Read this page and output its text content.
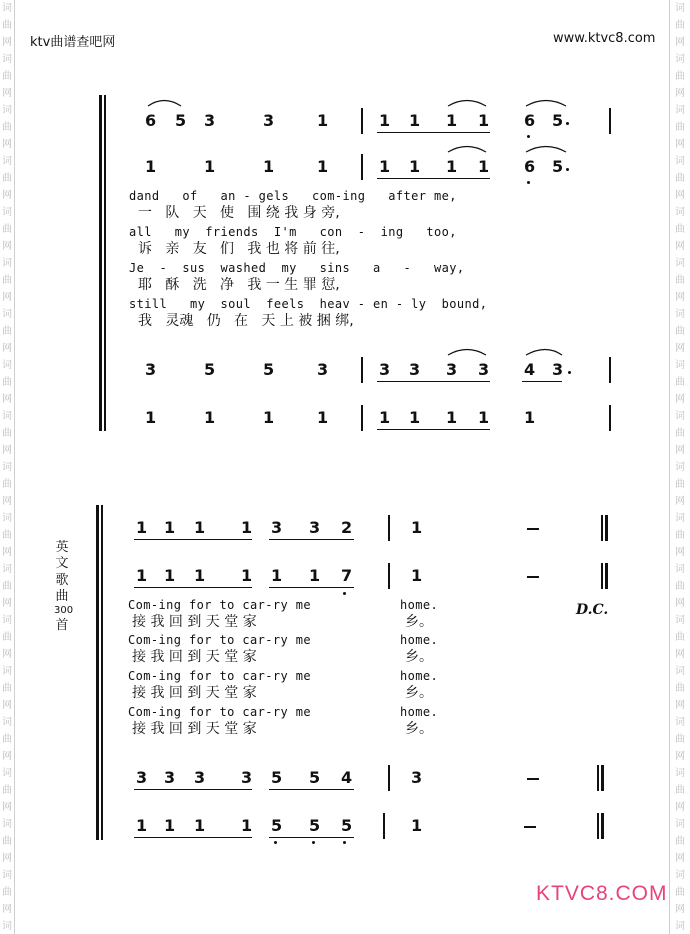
词
曲
网
词
曲
网
词
曲
网
词
曲
网
词
曲
网
词
曲
网
词
曲
网
词
曲
网
词
曲
网
词
曲
网
词
曲
网
词
曲
网
词
曲
网
词
曲
网
词
曲
网
词
曲
网
词
曲
网
词
曲
网
词
词
曲
网
词
曲
网
词
曲
网
词
曲
网
词
曲
网
词
曲
网
词
曲
网
词
曲
网
词
曲
网
词
曲
网
词
曲
网
词
曲
网
词
曲
网
词
曲
网
词
曲
网
词
曲
网
词
曲
网
词
曲
网
词
ktv曲谱查吧网	www.ktvc8.com
英
文
歌
曲
300
首
6 5 3	3	1	1 1 1 1 6 5
1	1	1	1	1 1 1 1 6 5
dand   of   an - gels   com-ing   after me,
一   队   天   使   围 绕 我 身 旁,
all   my  friends  I'm   con  -  ing   too,
诉   亲   友   们   我 也 将 前 往,
Je  -  sus  washed  my   sins   a   -   way,
耶   酥   洗   净   我 一 生 罪 愆,
still   my  soul  feels  heav - en - ly  bound,
我   灵魂   仍   在   天 上 被 捆 绑,
3	5	5	3	3 3 3 3 4 3
1	1	1	1	1 1 1 1 1
1 1 1 1 3 3 2	1
1 1 1 1 1 1 7	1
Com-ing for to car-ry me	home.
接 我 回 到 天 堂 家	乡。
Com-ing for to car-ry me	home.
接 我 回 到 天 堂 家	乡。
Com-ing for to car-ry me	home.
接 我 回 到 天 堂 家	乡。
Com-ing for to car-ry me	home.
接 我 回 到 天 堂 家	乡。
D.C.
3 3 3 3 5 5 4	3
1 1 1 1 5 5 5	1
KTVC8.COM
